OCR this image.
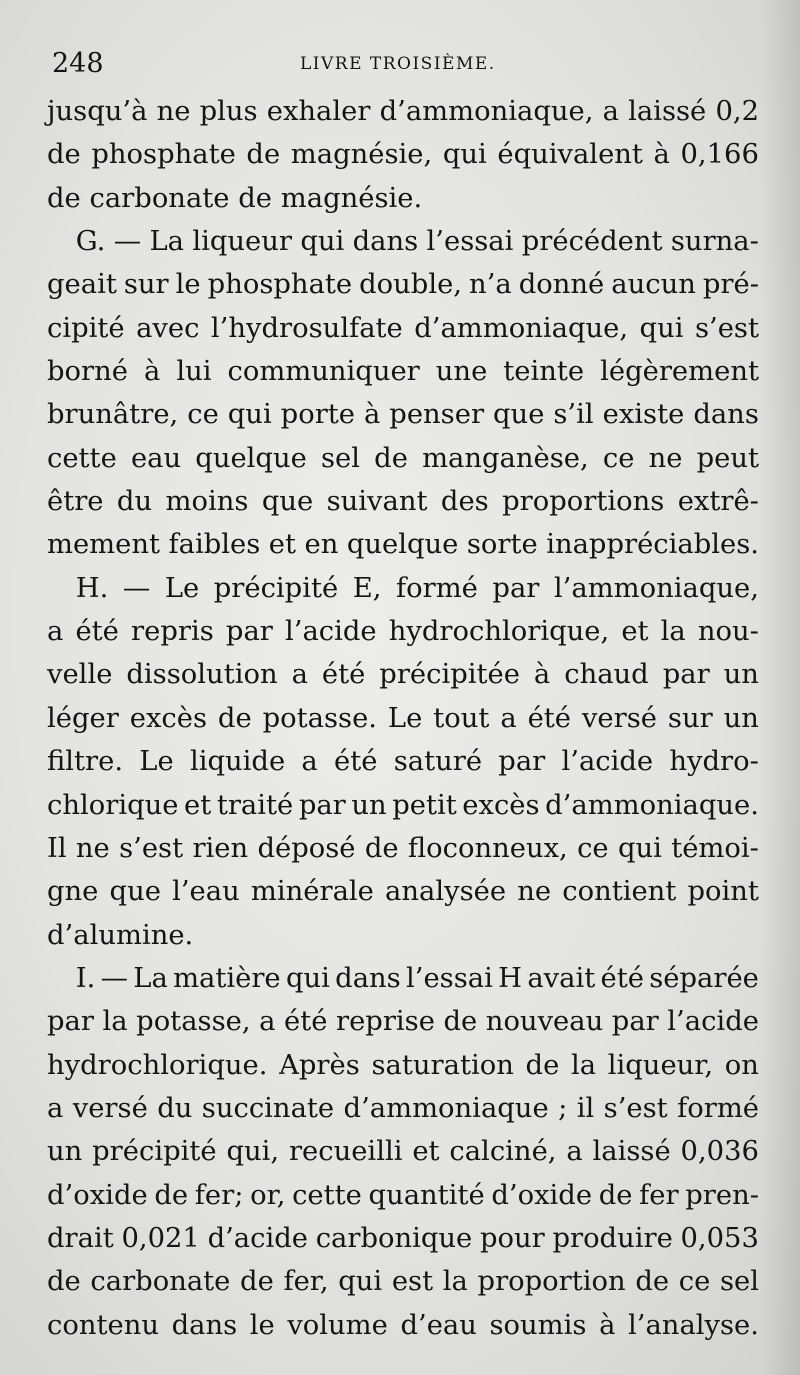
248	LIVRE TROISIÈME.
jusqu’à ne plus exhaler d’ammoniaque, a laissé 0,2
de phosphate de magnésie, qui équivalent à 0,166
de carbonate de magnésie.
G. — La liqueur qui dans l’essai précédent surna-
geait sur le phosphate double, n’a donné aucun pré-
cipité avec l’hydrosulfate d’ammoniaque, qui s’est
borné à lui communiquer une teinte légèrement
brunâtre, ce qui porte à penser que s’il existe dans
cette eau quelque sel de manganèse, ce ne peut
être du moins que suivant des proportions extrê-
mement faibles et en quelque sorte inappréciables.
H. — Le précipité E, formé par l’ammoniaque,
a été repris par l’acide hydrochlorique, et la nou-
velle dissolution a été précipitée à chaud par un
léger excès de potasse. Le tout a été versé sur un
filtre. Le liquide a été saturé par l’acide hydro-
chlorique et traité par un petit excès d’ammoniaque.
Il ne s’est rien déposé de floconneux, ce qui témoi-
gne que l’eau minérale analysée ne contient point
d’alumine.
I. — La matière qui dans l’essai H avait été séparée
par la potasse, a été reprise de nouveau par l’acide
hydrochlorique. Après saturation de la liqueur, on
a versé du succinate d’ammoniaque ; il s’est formé
un précipité qui, recueilli et calciné, a laissé 0,036
d’oxide de fer; or, cette quantité d’oxide de fer pren-
drait 0,021 d’acide carbonique pour produire 0,053
de carbonate de fer, qui est la proportion de ce sel
contenu dans le volume d’eau soumis à l’analyse.
